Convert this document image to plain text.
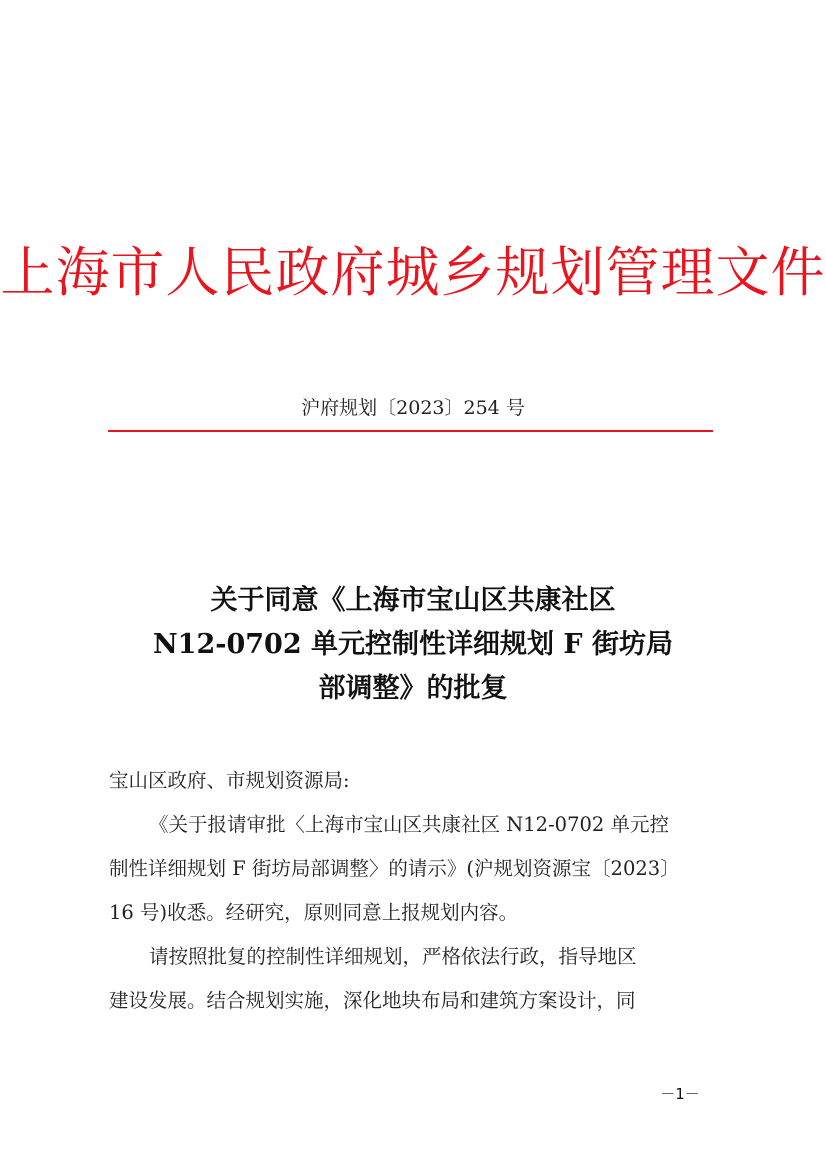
上海市人民政府城乡规划管理文件
沪府规划〔2023〕254 号
关于同意《上海市宝山区共康社区
N12-0702 单元控制性详细规划 F 街坊局
部调整》的批复
宝山区政府、市规划资源局:
《关于报请审批〈上海市宝山区共康社区 N12-0702 单元控
制性详细规划 F 街坊局部调整〉的请示》(沪规划资源宝〔2023〕
16 号)收悉。经研究，原则同意上报规划内容。
请按照批复的控制性详细规划，严格依法行政，指导地区
建设发展。结合规划实施，深化地块布局和建筑方案设计，同
－1－
